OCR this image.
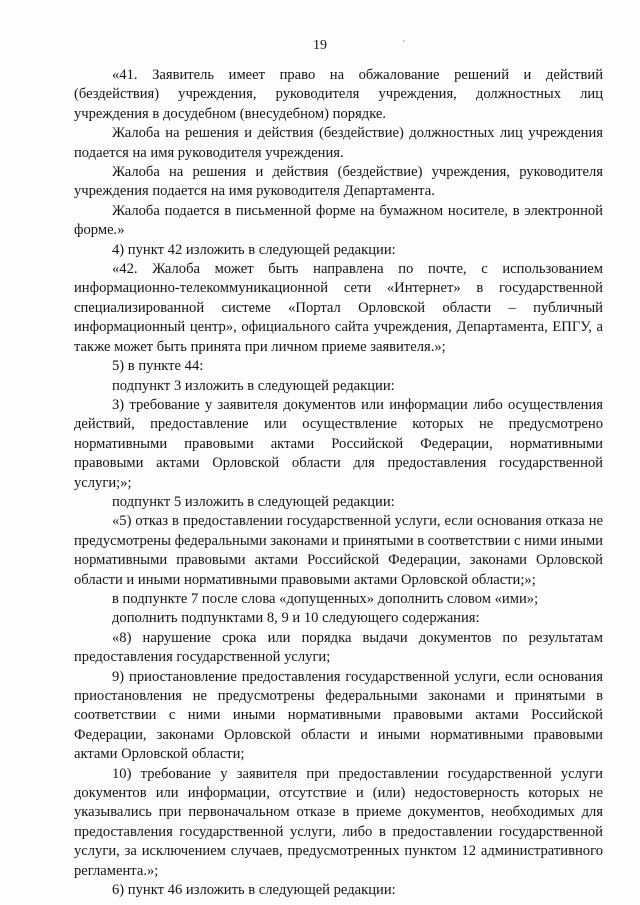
19	´

«41. Заявитель имеет право на обжалование решений и действий (бездействия) учреждения, руководителя учреждения, должностных лиц учреждения в досудебном (внесудебном) порядке.

Жалоба на решения и действия (бездействие) должностных лиц учреждения подается на имя руководителя учреждения.

Жалоба на решения и действия (бездействие) учреждения, руководителя учреждения подается на имя руководителя Департамента.

Жалоба подается в письменной форме на бумажном носителе, в электронной форме.»

4) пункт 42 изложить в следующей редакции:

«42. Жалоба может быть направлена по почте, с использованием информационно-телекоммуникационной сети «Интернет» в государственной специализированной системе «Портал Орловской области – публичный информационный центр», официального сайта учреждения, Департамента, ЕПГУ, а также может быть принята при личном приеме заявителя.»;

5) в пункте 44:

подпункт 3 изложить в следующей редакции:

3) требование у заявителя документов или информации либо осуществления действий, предоставление или осуществление которых не предусмотрено нормативными правовыми актами Российской Федерации, нормативными правовыми актами Орловской области для предоставления государственной услуги;»;

подпункт 5 изложить в следующей редакции:

«5) отказ в предоставлении государственной услуги, если основания отказа не предусмотрены федеральными законами и принятыми в соответствии с ними иными нормативными правовыми актами Российской Федерации, законами Орловской области и иными нормативными правовыми актами Орловской области;»;

в подпункте 7 после слова «допущенных» дополнить словом «ими»;

дополнить подпунктами 8, 9 и 10 следующего содержания:

«8) нарушение срока или порядка выдачи документов по результатам предоставления государственной услуги;

9) приостановление предоставления государственной услуги, если основания приостановления не предусмотрены федеральными законами и принятыми в соответствии с ними иными нормативными правовыми актами Российской Федерации, законами Орловской области и иными нормативными правовыми актами Орловской области;

10) требование у заявителя при предоставлении государственной услуги документов или информации, отсутствие и (или) недостоверность которых не указывались при первоначальном отказе в приеме документов, необходимых для предоставления государственной услуги, либо в предоставлении государственной услуги, за исключением случаев, предусмотренных пунктом 12 административного регламента.»;

6) пункт 46 изложить в следующей редакции:
